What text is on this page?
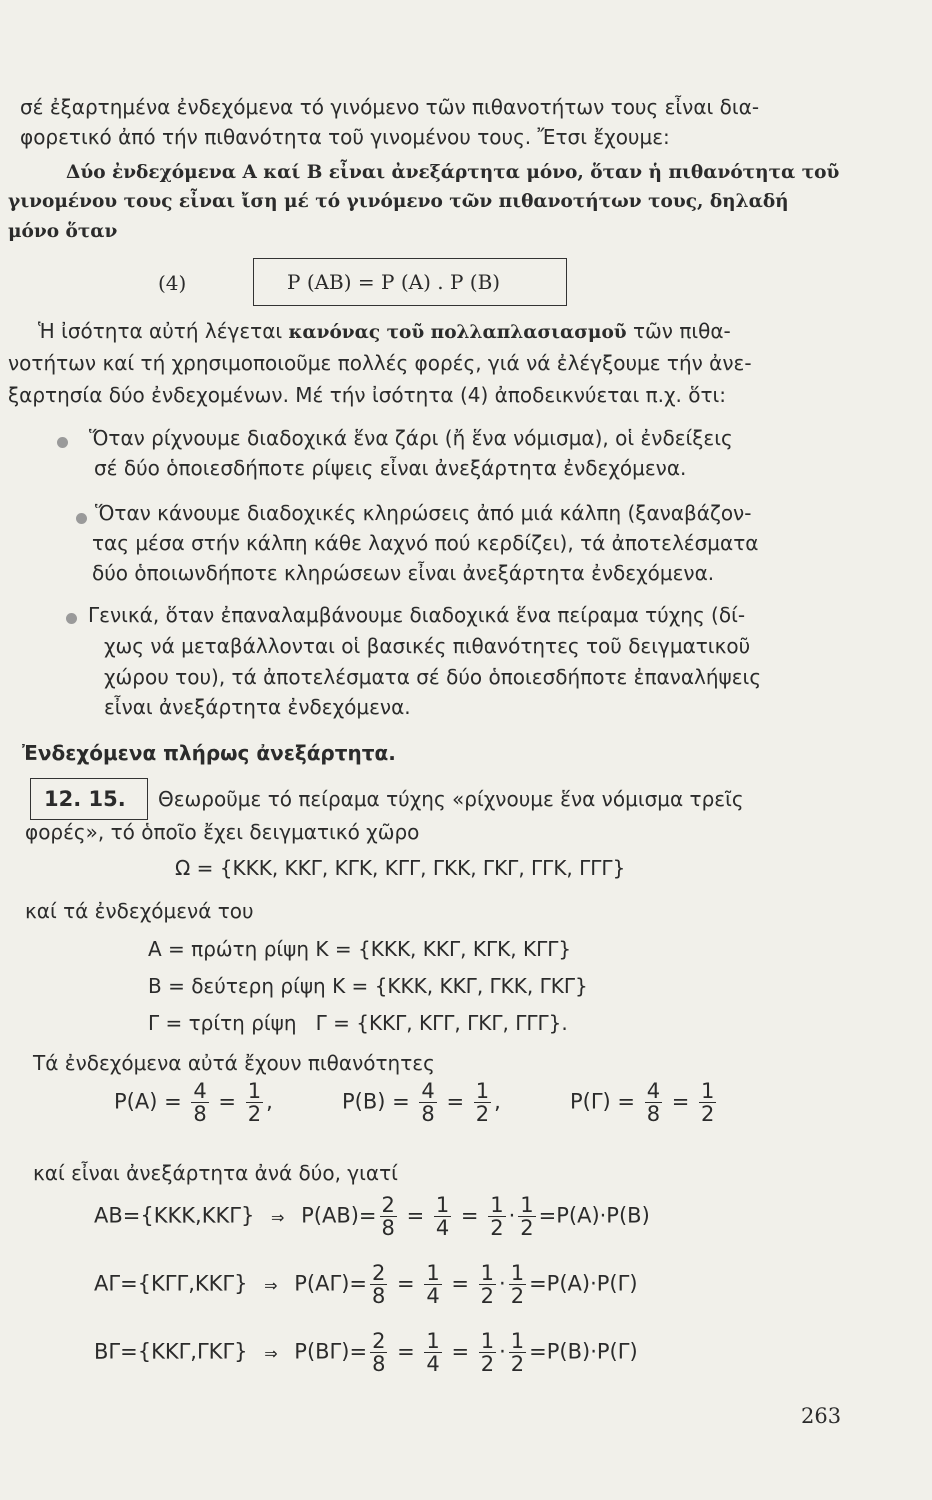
σέ ἐξαρτημένα ἐνδεχόμενα τό γινόμενο τῶν πιθανοτήτων τους εἶναι δια-
φορετικό ἀπό τήν πιθανότητα τοῦ γινομένου τους. Ἔτσι ἔχουμε:
Δύο ἐνδεχόμενα Α καί Β εἶναι ἀνεξάρτητα μόνο, ὅταν ἡ πιθανότητα τοῦ
γινομένου τους εἶναι ἴση μέ τό γινόμενο τῶν πιθανοτήτων τους, δηλαδή
μόνο ὅταν
(4)	P (AB) = P (A) . P (B)
Ἡ ἰσότητα αὐτή λέγεται κανόνας τοῦ πολλαπλασιασμοῦ τῶν πιθα-
νοτήτων καί τή χρησιμοποιοῦμε πολλές φορές, γιά νά ἐλέγξουμε τήν ἀνε-
ξαρτησία δύο ἐνδεχομένων. Μέ τήν ἰσότητα (4) ἀποδεικνύεται π.χ. ὅτι:
Ὅταν ρίχνουμε διαδοχικά ἕνα ζάρι (ἤ ἕνα νόμισμα), οἱ ἐνδείξεις
σέ δύο ὁποιεσδήποτε ρίψεις εἶναι ἀνεξάρτητα ἐνδεχόμενα.
Ὅταν κάνουμε διαδοχικές κληρώσεις ἀπό μιά κάλπη (ξαναβάζον-
τας μέσα στήν κάλπη κάθε λαχνό πού κερδίζει), τά ἀποτελέσματα
δύο ὁποιωνδήποτε κληρώσεων εἶναι ἀνεξάρτητα ἐνδεχόμενα.
Γενικά, ὅταν ἐπαναλαμβάνουμε διαδοχικά ἕνα πείραμα τύχης (δί-
χως νά μεταβάλλονται οἱ βασικές πιθανότητες τοῦ δειγματικοῦ
χώρου του), τά ἀποτελέσματα σέ δύο ὁποιεσδήποτε ἐπαναλήψεις
εἶναι ἀνεξάρτητα ἐνδεχόμενα.
Ἐνδεχόμενα πλήρως ἀνεξάρτητα.
12. 15. Θεωροῦμε τό πείραμα τύχης «ρίχνουμε ἕνα νόμισμα τρεῖς
φορές», τό ὁποῖο ἔχει δειγματικό χῶρο
Ω = {ΚΚΚ, ΚΚΓ, ΚΓΚ, ΚΓΓ, ΓΚΚ, ΓΚΓ, ΓΓΚ, ΓΓΓ}
καί τά ἐνδεχόμενά του
Α = πρώτη ρίψη Κ = {ΚΚΚ, ΚΚΓ, ΚΓΚ, ΚΓΓ}
Β = δεύτερη ρίψη Κ = {ΚΚΚ, ΚΚΓ, ΓΚΚ, ΓΚΓ}
Γ = τρίτη ρίψη   Γ = {ΚΚΓ, ΚΓΓ, ΓΚΓ, ΓΓΓ}.
Τά ἐνδεχόμενα αὐτά ἔχουν πιθανότητες
$P(A) = \frac{4}{8} = \frac{1}{2}$ ,	$P(B) = \frac{4}{8} = \frac{1}{2}$ ,	$P(\Gamma) = \frac{4}{8} = \frac{1}{2}$
καί εἶναι ἀνεξάρτητα ἀνά δύο, γιατί
AB={ΚΚΚ,ΚΚΓ} ⇒ $P(AB)= \frac{2}{8} = \frac{1}{4} = \frac{1}{2} \cdot \frac{1}{2} =P(A)\cdot P(B)$
ΑΓ={ΚΓΓ,ΚΚΓ} ⇒ $P(A\Gamma)= \frac{2}{8} = \frac{1}{4} = \frac{1}{2} \cdot \frac{1}{2} =P(A)\cdot P(\Gamma)$
ΒΓ={ΚΚΓ,ΓΚΓ} ⇒ $P(B\Gamma)= \frac{2}{8} = \frac{1}{4} = \frac{1}{2} \cdot \frac{1}{2} =P(B)\cdot P(\Gamma)$
263
